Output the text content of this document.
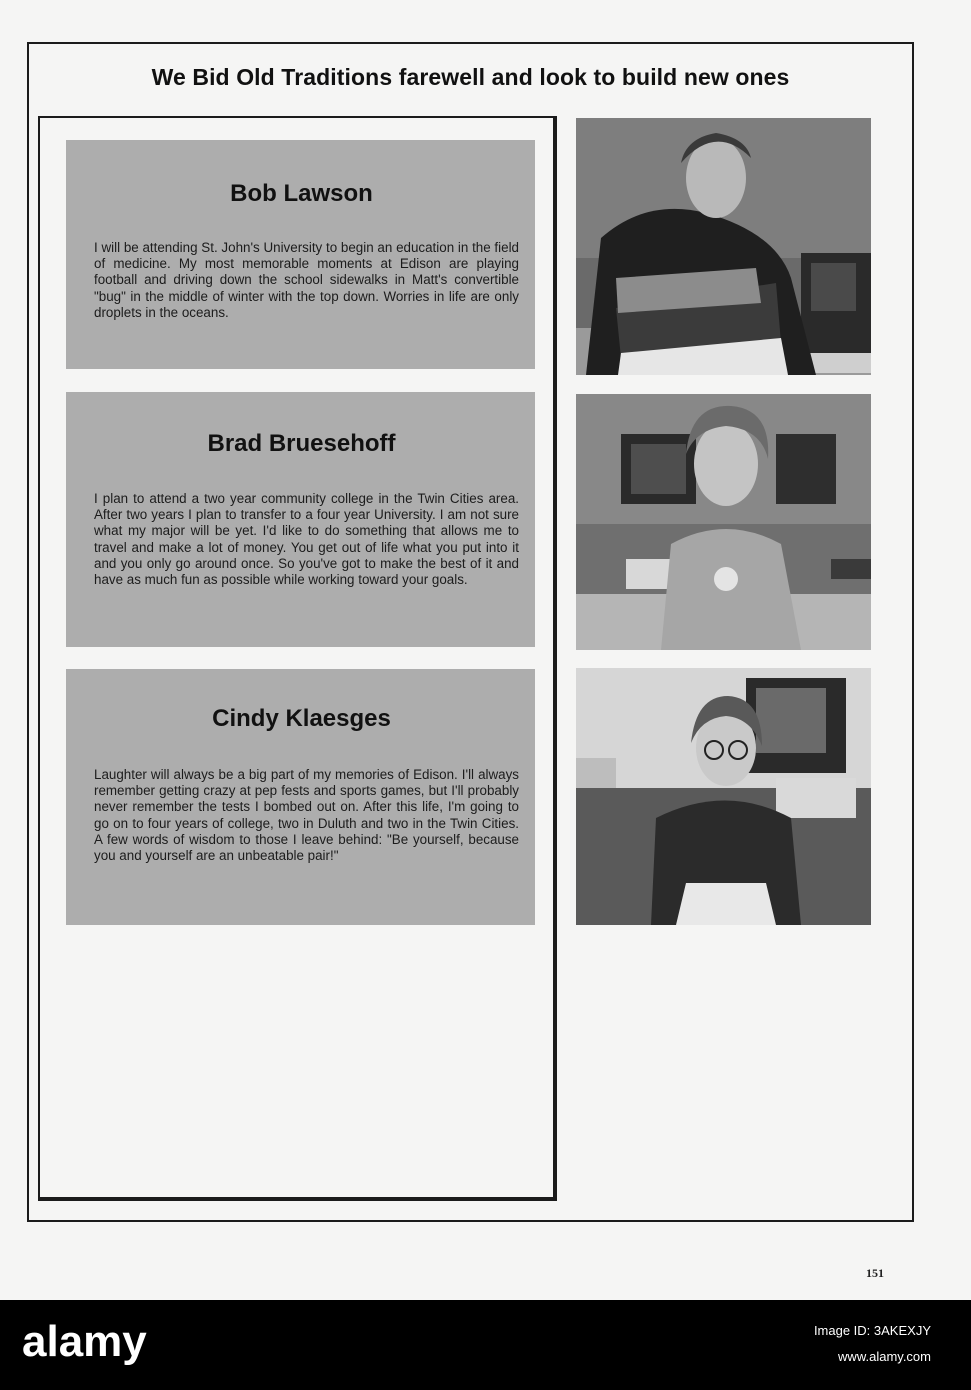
We Bid Old Traditions farewell and look to build new ones
Bob Lawson
I will be attending St. John's University to begin an education in the field of medicine. My most memorable moments at Edison are playing football and driving down the school sidewalks in Matt's convertible "bug" in the middle of winter with the top down. Worries in life are only droplets in the oceans.
Brad Bruesehoff
I plan to attend a two year community college in the Twin Cities area. After two years I plan to transfer to a four year University. I am not sure what my major will be yet. I'd like to do something that allows me to travel and make a lot of money. You get out of life what you put into it and you only go around once. So you've got to make the best of it and have as much fun as possible while working toward your goals.
Cindy Klaesges
Laughter will always be a big part of my memories of Edison. I'll always remember getting crazy at pep fests and sports games, but I'll probably never remember the tests I bombed out on. After this life, I'm going to go on to four years of college, two in Duluth and two in the Twin Cities. A few words of wisdom to those I leave behind: "Be yourself, because you and yourself are an unbeatable pair!"
151
alamy	Image ID: 3AKEXJY
www.alamy.com
